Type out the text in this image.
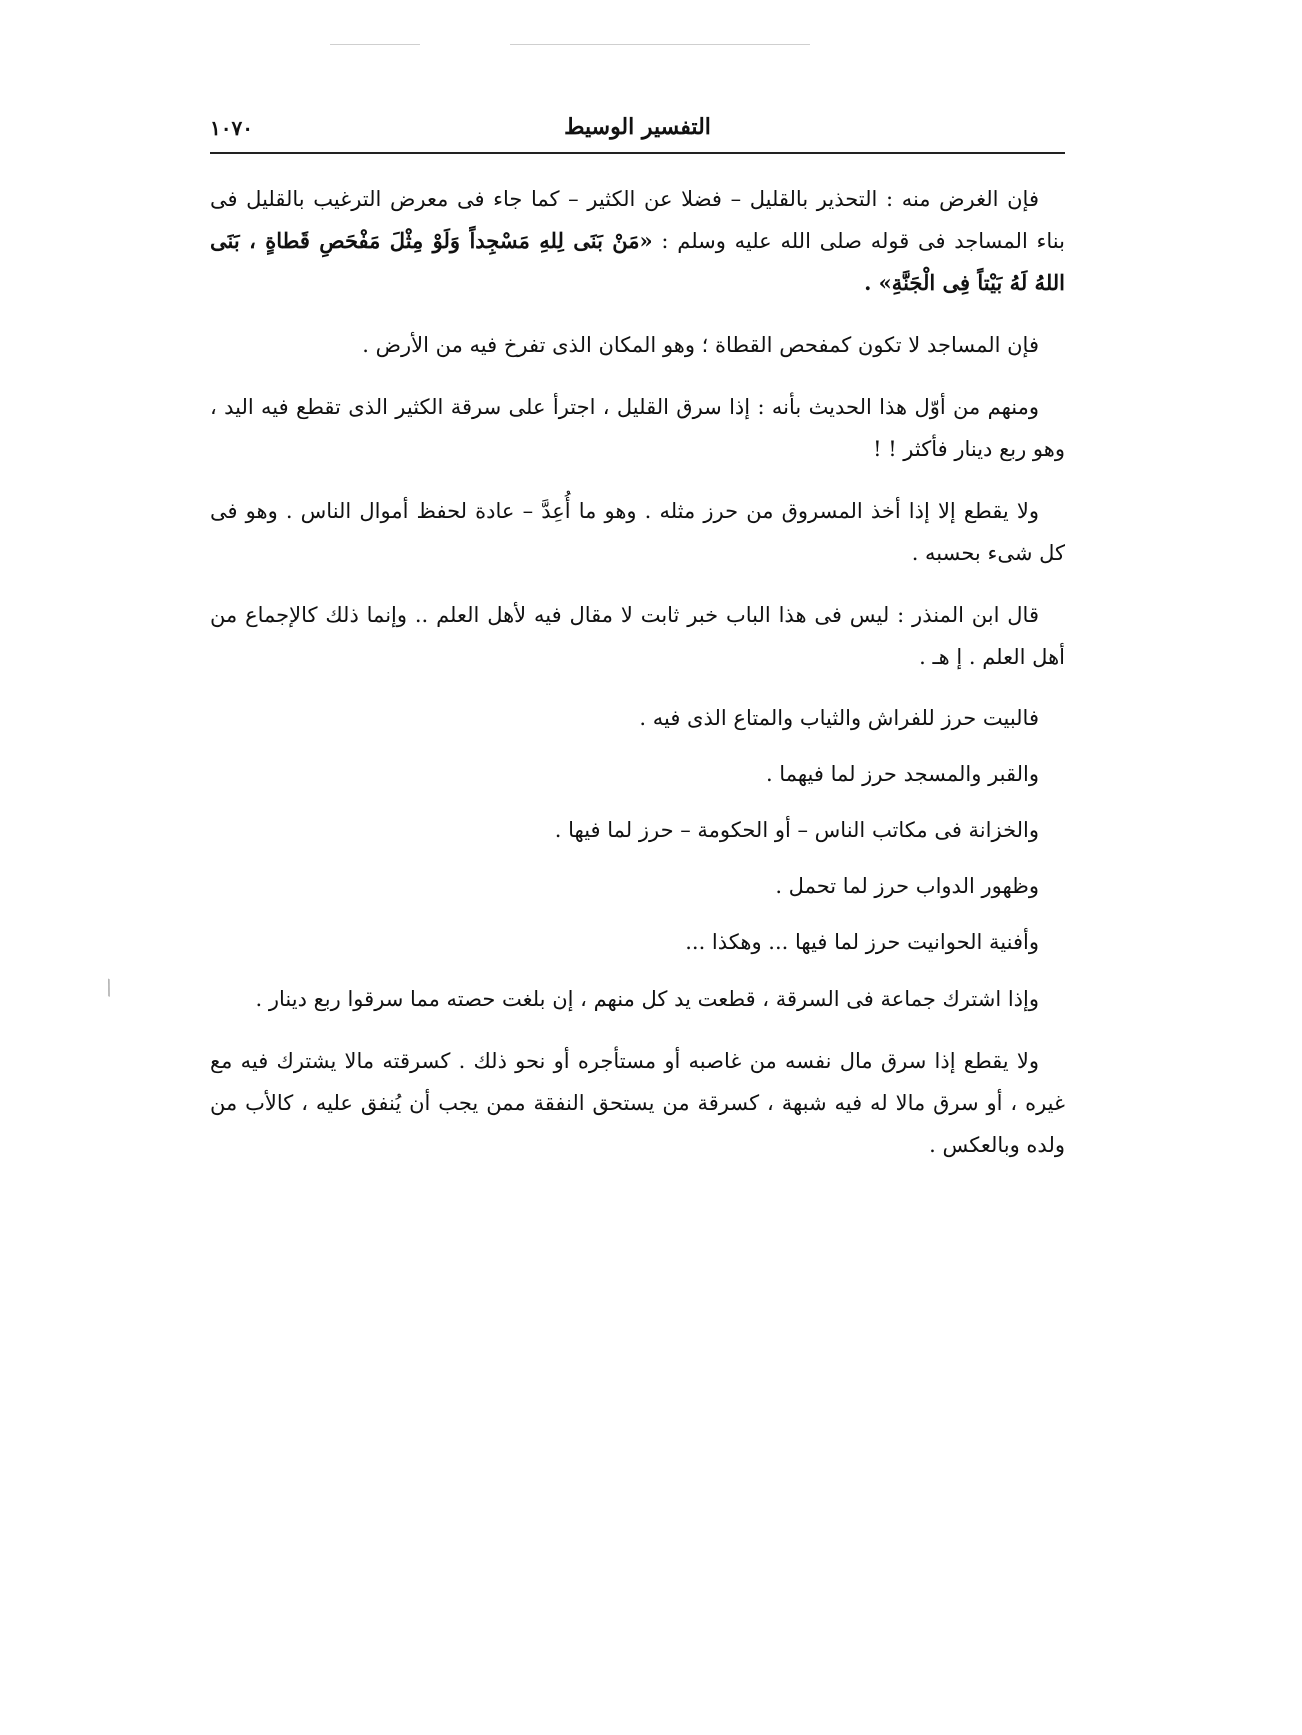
التفسير الوسيط
١٠٧٠

فإن الغرض منه : التحذير بالقليل – فضلا عن الكثير – كما جاء فى معرض الترغيب بالقليل فى بناء المساجد فى قوله صلى الله عليه وسلم : «مَنْ بَنَى لِلهِ مَسْجِداً وَلَوْ مِثْلَ مَفْحَصِ قَطاةٍ ، بَنَى اللهُ لَهُ بَيْتاً فِى الْجَنَّةِ» .

فإن المساجد لا تكون كمفحص القطاة ؛ وهو المكان الذى تفرخ فيه من الأرض .

ومنهم من أوّل هذا الحديث بأنه : إذا سرق القليل ، اجترأ على سرقة الكثير الذى تقطع فيه اليد ، وهو ربع دينار فأكثر ! !

ولا يقطع إلا إذا أخذ المسروق من حرز مثله . وهو ما أُعِدَّ – عادة لحفظ أموال الناس . وهو فى كل شىء بحسبه .

قال ابن المنذر : ليس فى هذا الباب خبر ثابت لا مقال فيه لأهل العلم .. وإنما ذلك كالإجماع من أهل العلم . إ هـ .

فالبيت حرز للفراش والثياب والمتاع الذى فيه .

والقبر والمسجد حرز لما فيهما .

والخزانة فى مكاتب الناس – أو الحكومة – حرز لما فيها .

وظهور الدواب حرز لما تحمل .

وأفنية الحوانيت حرز لما فيها ... وهكذا ...

وإذا اشترك جماعة فى السرقة ، قطعت يد كل منهم ، إن بلغت حصته مما سرقوا ربع دينار .

ولا يقطع إذا سرق مال نفسه من غاصبه أو مستأجره أو نحو ذلك . كسرقته مالا يشترك فيه مع غيره ، أو سرق مالا له فيه شبهة ، كسرقة من يستحق النفقة ممن يجب أن يُنفق عليه ، كالأب من ولده وبالعكس .

⟍
